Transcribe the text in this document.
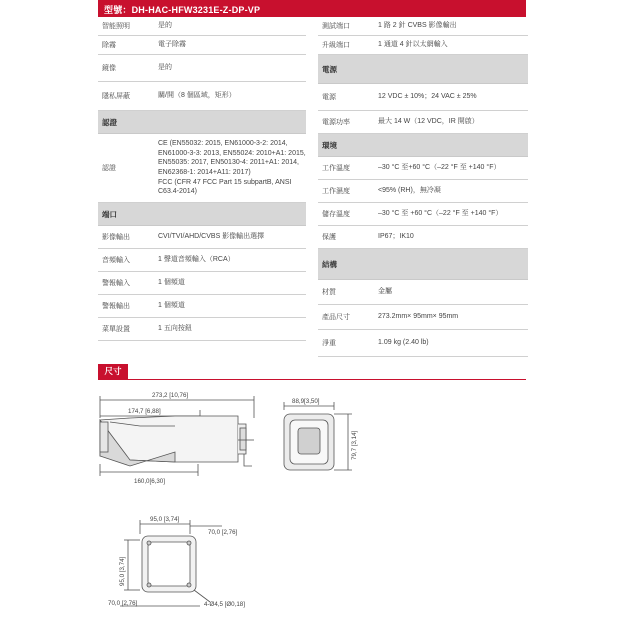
型號：DH-HAC-HFW3231E-Z-DP-VP
智能照明	是的
除霧	電子除霧
鏡像	是的
隱私屏蔽	關/開（8 個區域，矩形）
認證
認證
CE (EN55032: 2015, EN61000-3-2: 2014,
EN61000-3-3: 2013, EN55024: 2010+A1: 2015,
EN55035: 2017, EN50130-4: 2011+A1: 2014,
EN62368-1: 2014+A11: 2017)
FCC (CFR 47 FCC Part 15 subpartB, ANSI
C63.4-2014)
端口
影像輸出	CVI/TVI/AHD/CVBS 影像輸出選擇
音頻輸入	1 聲道音頻輸入（RCA）
警報輸入	1 個頻道
警報輸出	1 個頻道
菜單設置	1 五向按鈕
測試端口	1 路 2 針 CVBS 影像輸出
升級端口	1 通道 4 針以太網輸入
電源
電源	12 VDC ± 10%；24 VAC ± 25%
電源功率	最大 14 W（12 VDC，IR 開啟）
環境
工作溫度	–30 °C 至+60 °C（–22 °F 至 +140 °F）
工作濕度	<95% (RH)，無冷凝
儲存溫度	–30 °C 至 +60 °C（–22 °F 至 +140 °F）
保護	IP67；IK10
結構
材質	金屬
產品尺寸	273.2mm× 95mm× 95mm
淨重	1.09 kg (2.40 lb)
尺寸
273,2 [10,76]
174,7 [6,88]
160,0[6,30]
88,9[3,50]
79,7 [3,14]
95,0 [3,74]
70,0 [2,76]
95,0 [3,74]
70,0 [2,76]	4-Ø4,5 [Ø0,18]
